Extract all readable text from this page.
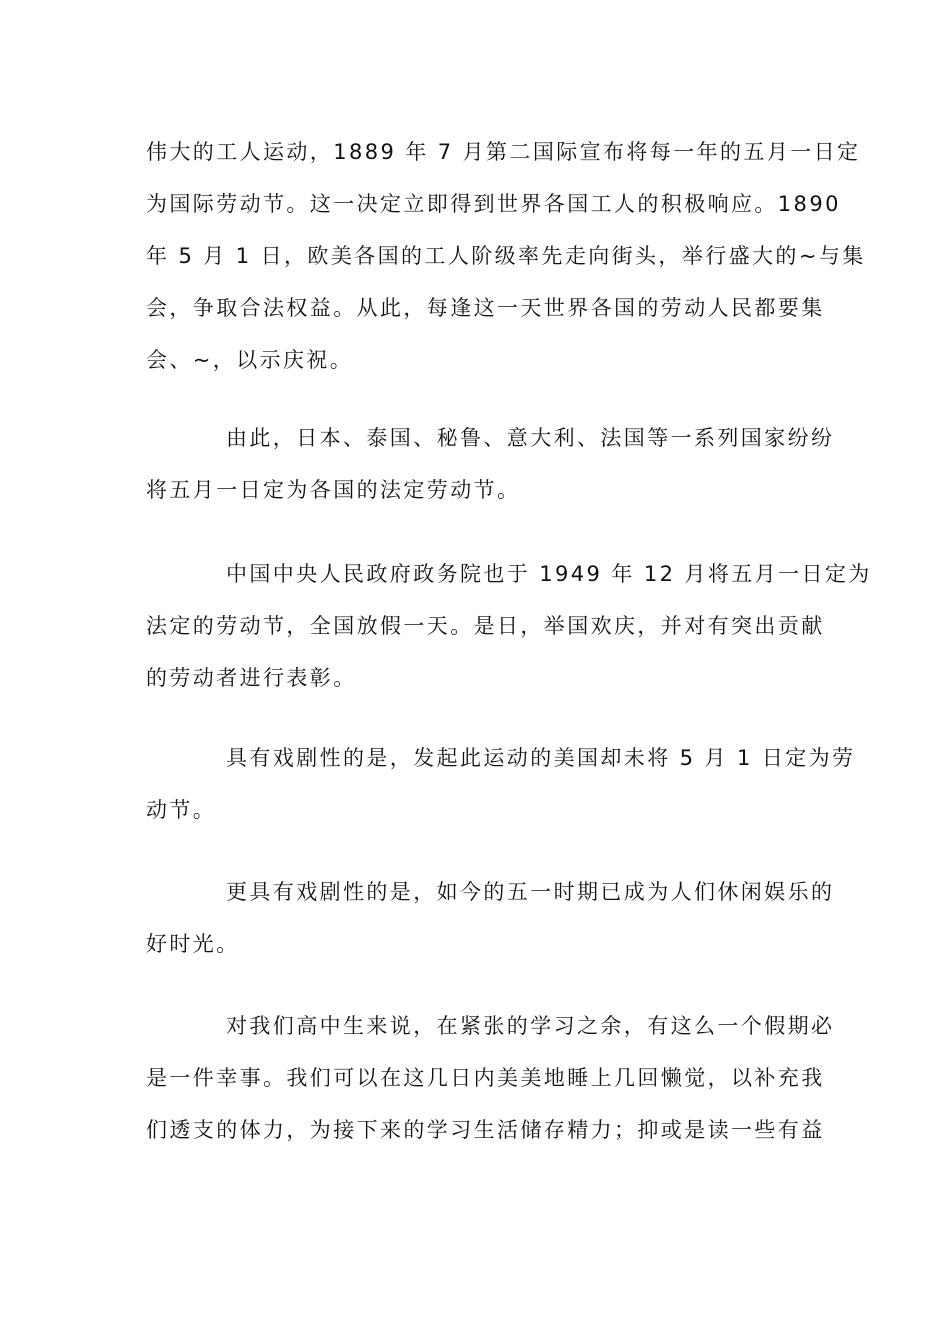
伟大的工人运动，1889 年 7 月第二国际宣布将每一年的五月一日定
为国际劳动节。这一决定立即得到世界各国工人的积极响应。1890
年 5 月 1 日，欧美各国的工人阶级率先走向街头，举行盛大的~与集
会，争取合法权益。从此，每逢这一天世界各国的劳动人民都要集
会、~，以示庆祝。
由此，日本、泰国、秘鲁、意大利、法国等一系列国家纷纷
将五月一日定为各国的法定劳动节。
中国中央人民政府政务院也于 1949 年 12 月将五月一日定为
法定的劳动节，全国放假一天。是日，举国欢庆，并对有突出贡献
的劳动者进行表彰。
具有戏剧性的是，发起此运动的美国却未将 5 月 1 日定为劳
动节。
更具有戏剧性的是，如今的五一时期已成为人们休闲娱乐的
好时光。
对我们高中生来说，在紧张的学习之余，有这么一个假期必
是一件幸事。我们可以在这几日内美美地睡上几回懒觉，以补充我
们透支的体力，为接下来的学习生活储存精力；抑或是读一些有益
